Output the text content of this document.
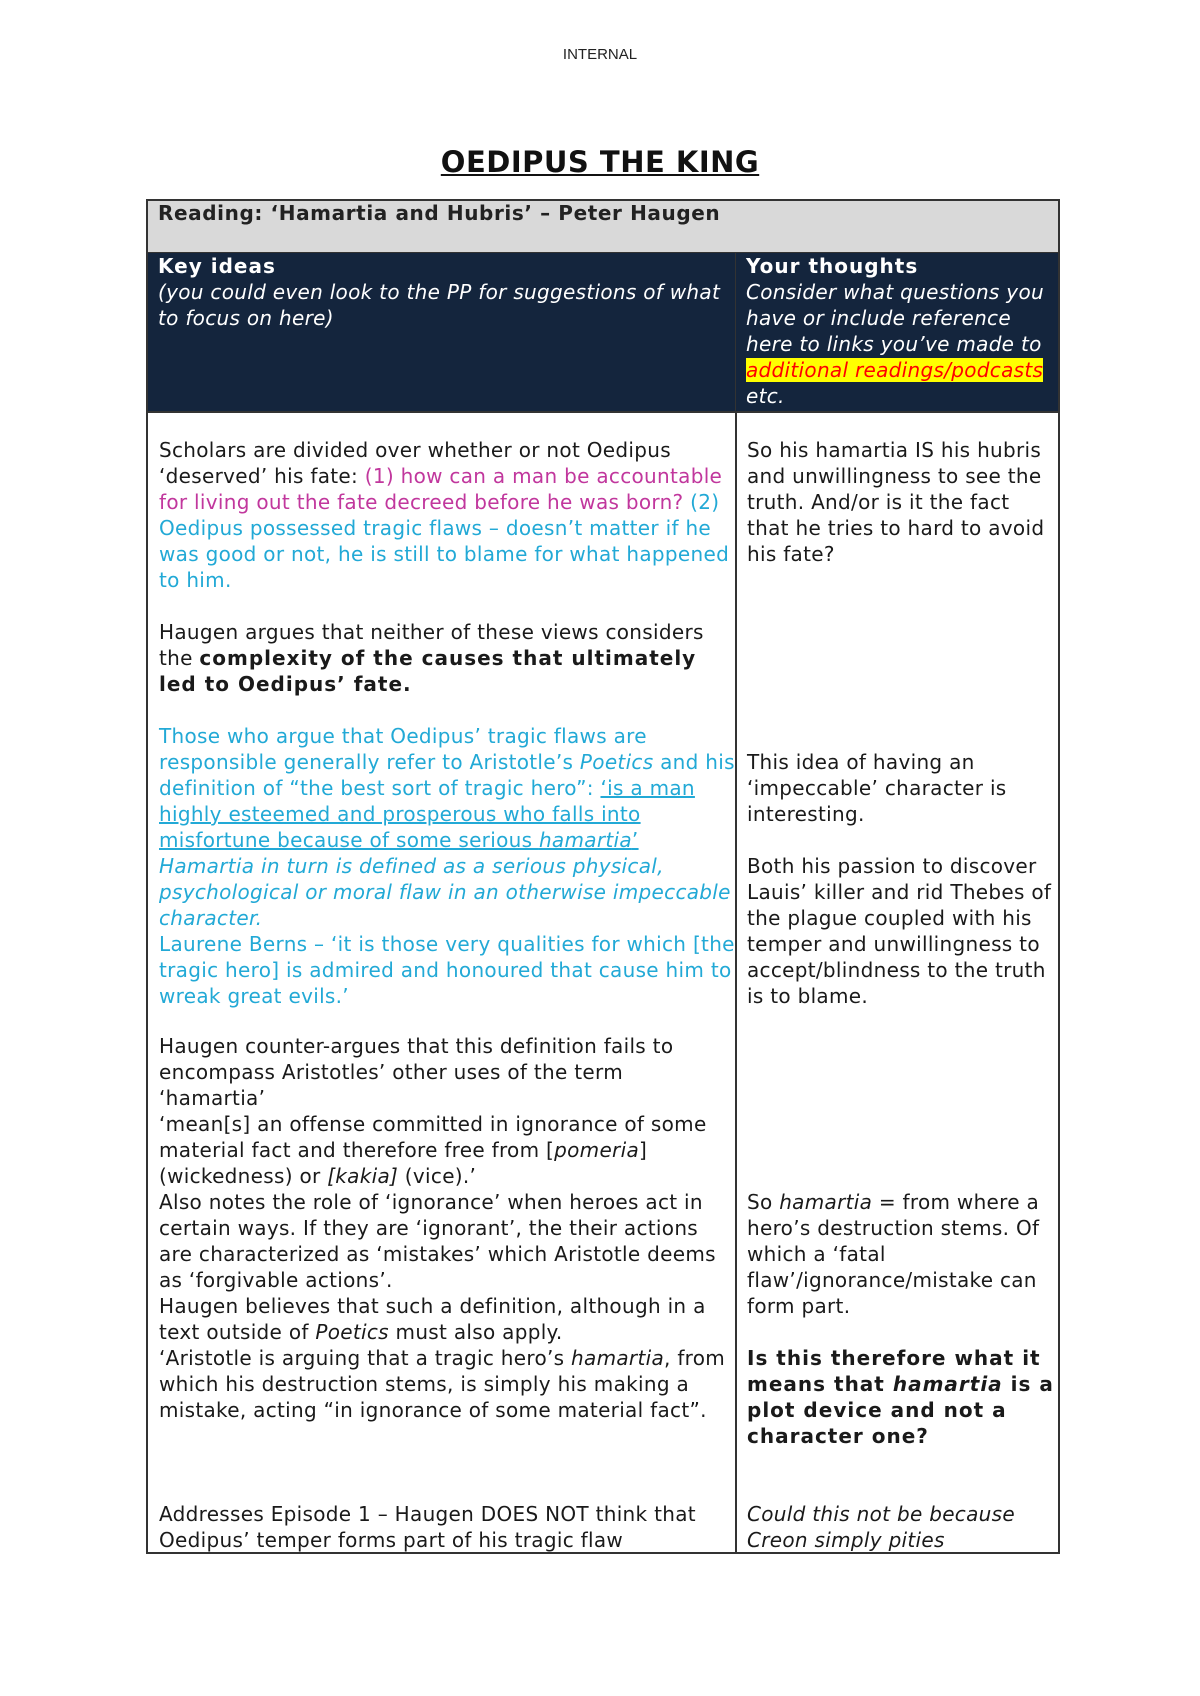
INTERNAL
OEDIPUS THE KING
Reading: ‘Hamartia and Hubris’ – Peter Haugen
Key ideas
(you could even look to the PP for suggestions of what to focus on here)
Your thoughts
Consider what questions you have or include reference here to links you’ve made to additional readings/podcasts etc.
Scholars are divided over whether or not Oedipus ‘deserved’ his fate: (1) how can a man be accountable for living out the fate decreed before he was born? (2) Oedipus possessed tragic flaws – doesn’t matter if he was good or not, he is still to blame for what happened to him.
Haugen argues that neither of these views considers the complexity of the causes that ultimately led to Oedipus’ fate.

Those who argue that Oedipus’ tragic flaws are responsible generally refer to Aristotle’s Poetics and his definition of “the best sort of tragic hero”: ‘is a man highly esteemed and prosperous who falls into misfortune because of some serious hamartia’ Hamartia in turn is defined as a serious physical, psychological or moral flaw in an otherwise impeccable character.

Laurene Berns – ‘it is those very qualities for which [the tragic hero] is admired and honoured that cause him to wreak great evils.’

Haugen counter-argues that this definition fails to encompass Aristotles’ other uses of the term ‘hamartia’

‘mean[s] an offense committed in ignorance of some material fact and therefore free from [pomeria] (wickedness) or [kakia] (vice).’

Also notes the role of ‘ignorance’ when heroes act in certain ways. If they are ‘ignorant’, the their actions are characterized as ‘mistakes’ which Aristotle deems as ‘forgivable actions’.

Haugen believes that such a definition, although in a text outside of Poetics must also apply.

‘Aristotle is arguing that a tragic hero’s hamartia, from which his destruction stems, is simply his making a mistake, acting “in ignorance of some material fact”.

Addresses Episode 1 – Haugen DOES NOT think that Oedipus’ temper forms part of his tragic flaw
So his hamartia IS his hubris and unwillingness to see the truth. And/or is it the fact that he tries to hard to avoid his fate?
This idea of having an ‘impeccable’ character is interesting.
Both his passion to discover Lauis’ killer and rid Thebes of the plague coupled with his temper and unwillingness to accept/blindness to the truth is to blame.
So hamartia = from where a hero’s destruction stems. Of which a ‘fatal flaw’/ignorance/mistake can form part.
Is this therefore what it means that hamartia is a plot device and not a character one?
Could this not be because Creon simply pities
